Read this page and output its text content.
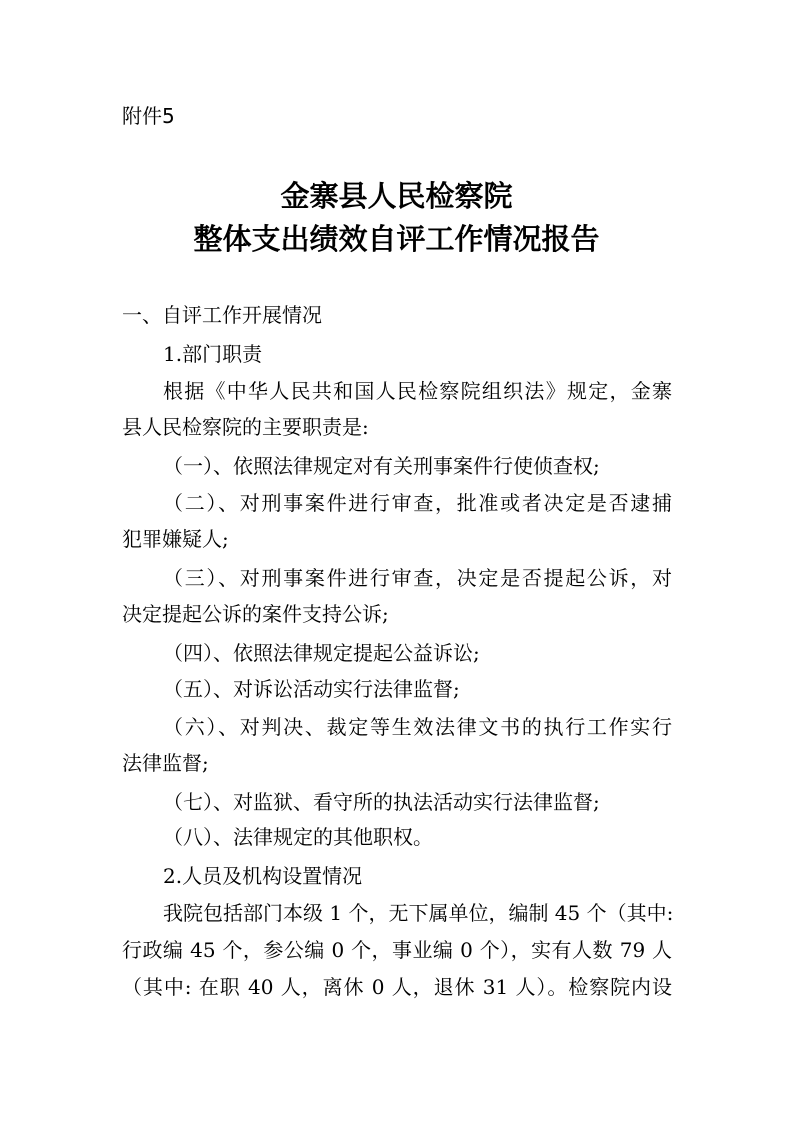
附件5
金寨县人民检察院
整体支出绩效自评工作情况报告
一、自评工作开展情况
1.部门职责
根据《中华人民共和国人民检察院组织法》规定，金寨
县人民检察院的主要职责是:
（一）、依照法律规定对有关刑事案件行使侦查权;
（二）、对刑事案件进行审查，批准或者决定是否逮捕
犯罪嫌疑人;
（三）、对刑事案件进行审查，决定是否提起公诉，对
决定提起公诉的案件支持公诉;
（四）、依照法律规定提起公益诉讼;
（五）、对诉讼活动实行法律监督;
（六）、对判决、裁定等生效法律文书的执行工作实行
法律监督;
（七）、对监狱、看守所的执法活动实行法律监督;
（八）、法律规定的其他职权。
2.人员及机构设置情况
我院包括部门本级 1 个，无下属单位，编制 45 个（其中:
行政编 45 个，参公编 0 个，事业编 0 个），实有人数 79 人
（其中: 在职 40 人，离休 0 人，退休 31 人）。检察院内设
